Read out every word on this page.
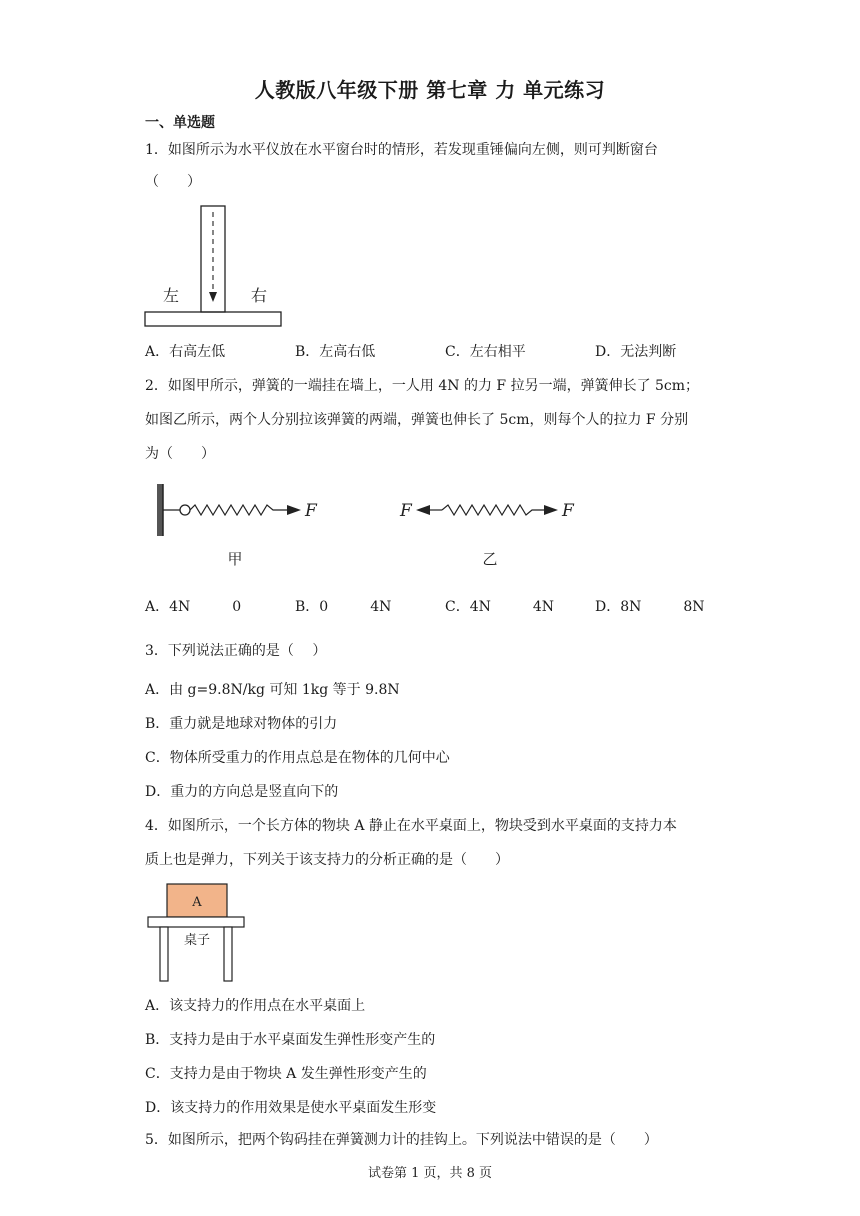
人教版八年级下册 第七章 力 单元练习
一、单选题
1．如图所示为水平仪放在水平窗台时的情形，若发现重锤偏向左侧，则可判断窗台
（　　）
左	右
A．右高左低	B．左高右低	C．左右相平	D．无法判断
2．如图甲所示，弹簧的一端挂在墙上，一人用 4N 的力 F 拉另一端，弹簧伸长了 5cm；
如图乙所示，两个人分别拉该弹簧的两端，弹簧也伸长了 5cm，则每个人的拉力 F 分别
为（　　）
F
甲
F	F
乙
A．4N　　　0	B．0　　　4N	C．4N　　　4N	D．8N　　　8N
3．下列说法正确的是（　 ）
A．由 g=9.8N/kg 可知 1kg 等于 9.8N
B．重力就是地球对物体的引力
C．物体所受重力的作用点总是在物体的几何中心
D．重力的方向总是竖直向下的
4．如图所示，一个长方体的物块 A 静止在水平桌面上，物块受到水平桌面的支持力本
质上也是弹力，下列关于该支持力的分析正确的是（　　）
A
桌子
A．该支持力的作用点在水平桌面上
B．支持力是由于水平桌面发生弹性形变产生的
C．支持力是由于物块 A 发生弹性形变产生的
D．该支持力的作用效果是使水平桌面发生形变
5．如图所示，把两个钩码挂在弹簧测力计的挂钩上。下列说法中错误的是（　　）
试卷第 1 页，共 8 页
